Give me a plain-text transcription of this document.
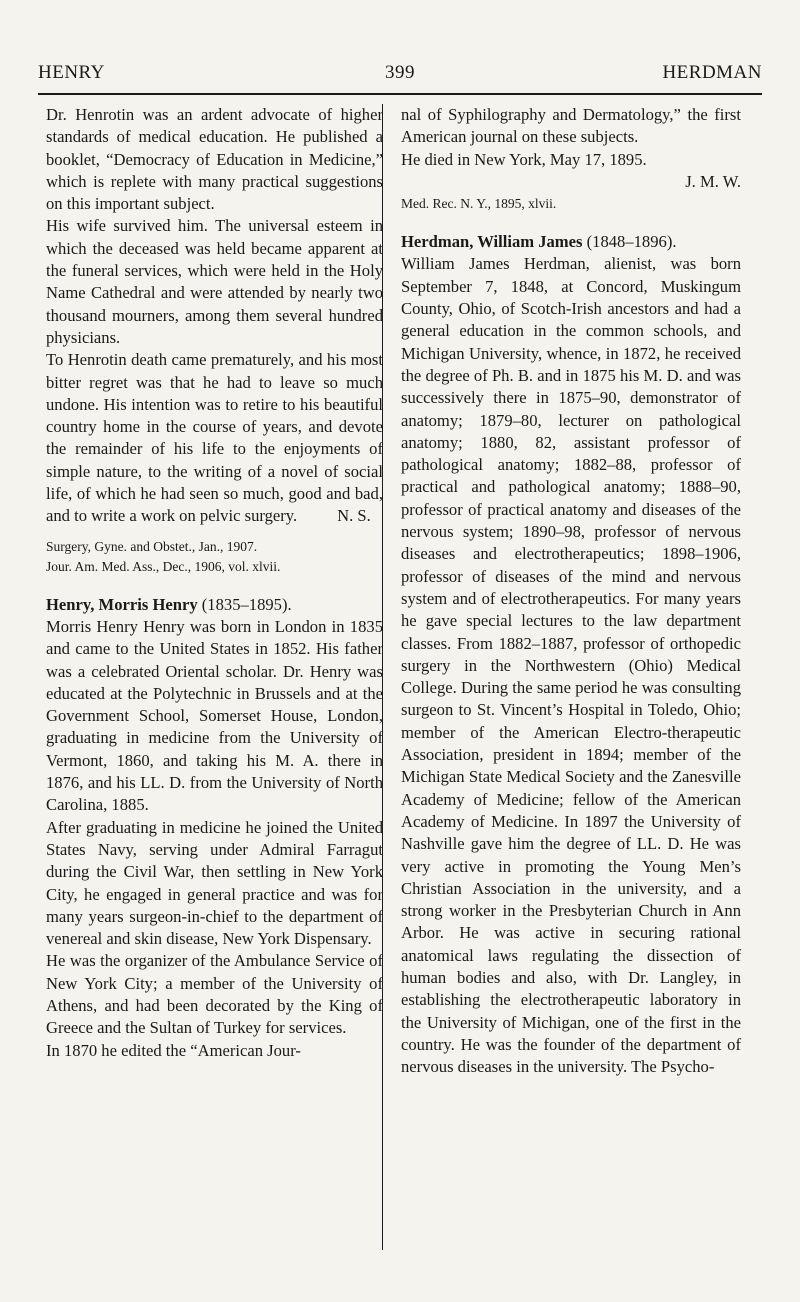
HENRY	399	HERDMAN

Dr. Henrotin was an ardent advocate of higher standards of medical education. He published a booklet, “Democracy of Education in Medicine,” which is replete with many practical suggestions on this important subject.

His wife survived him. The universal esteem in which the deceased was held became apparent at the funeral services, which were held in the Holy Name Cathedral and were attended by nearly two thousand mourners, among them several hundred physicians.

To Henrotin death came prematurely, and his most bitter regret was that he had to leave so much undone. His intention was to retire to his beautiful country home in the course of years, and devote the remainder of his life to the enjoyments of simple nature, to the writing of a novel of social life, of which he had seen so much, good and bad, and to write a work on pelvic surgery. N. S.

Surgery, Gyne. and Obstet., Jan., 1907.

Jour. Am. Med. Ass., Dec., 1906, vol. xlvii.

Henry, Morris Henry (1835–1895).

Morris Henry Henry was born in London in 1835 and came to the United States in 1852. His father was a celebrated Oriental scholar. Dr. Henry was educated at the Polytechnic in Brussels and at the Government School, Somerset House, London, graduating in medicine from the University of Vermont, 1860, and taking his M. A. there in 1876, and his LL. D. from the University of North Carolina, 1885.

After graduating in medicine he joined the United States Navy, serving under Admiral Farragut during the Civil War, then settling in New York City, he engaged in general practice and was for many years surgeon-in-chief to the department of venereal and skin disease, New York Dispensary.

He was the organizer of the Ambulance Service of New York City; a member of the University of Athens, and had been decorated by the King of Greece and the Sultan of Turkey for services.

In 1870 he edited the “American Jour-

nal of Syphilography and Dermatology,” the first American journal on these subjects.

He died in New York, May 17, 1895.

J. M. W.

Med. Rec. N. Y., 1895, xlvii.

Herdman, William James (1848–1896).

William James Herdman, alienist, was born September 7, 1848, at Concord, Muskingum County, Ohio, of Scotch-Irish ancestors and had a general education in the common schools, and Michigan University, whence, in 1872, he received the degree of Ph. B. and in 1875 his M. D. and was successively there in 1875–90, demonstrator of anatomy; 1879–80, lecturer on pathological anatomy; 1880, 82, assistant professor of pathological anatomy; 1882–88, professor of practical and pathological anatomy; 1888–90, professor of practical anatomy and diseases of the nervous system; 1890–98, professor of nervous diseases and electrotherapeutics; 1898–1906, professor of diseases of the mind and nervous system and of electrotherapeutics. For many years he gave special lectures to the law department classes. From 1882–1887, professor of orthopedic surgery in the Northwestern (Ohio) Medical College. During the same period he was consulting surgeon to St. Vincent’s Hospital in Toledo, Ohio; member of the American Electro-therapeutic Association, president in 1894; member of the Michigan State Medical Society and the Zanesville Academy of Medicine; fellow of the American Academy of Medicine. In 1897 the University of Nashville gave him the degree of LL. D. He was very active in promoting the Young Men’s Christian Association in the university, and a strong worker in the Presbyterian Church in Ann Arbor. He was active in securing rational anatomical laws regulating the dissection of human bodies and also, with Dr. Langley, in establishing the electrotherapeutic laboratory in the University of Michigan, one of the first in the country. He was the founder of the department of nervous diseases in the university. The Psycho-
